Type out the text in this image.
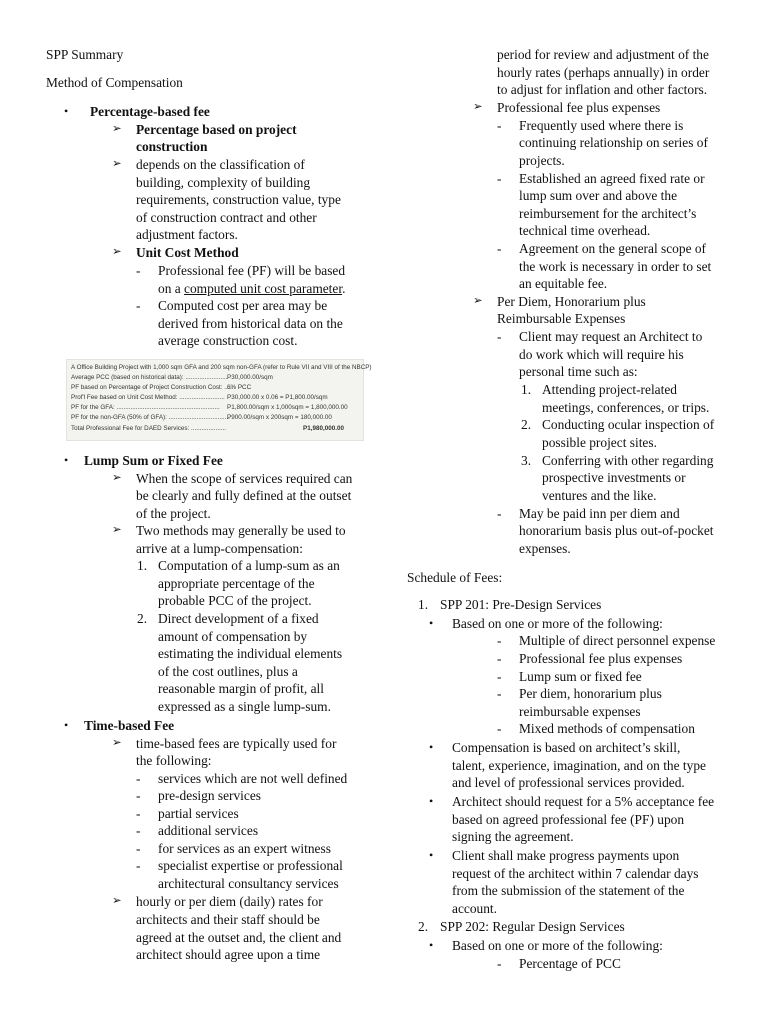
SPP Summary
Method of Compensation
• Percentage-based fee
➢ Percentage based on project
construction
➢ depends on the classification of
building, complexity of building
requirements, construction value, type
of construction contract and other
adjustment factors.
➢ Unit Cost Method
- Professional fee (PF) will be based
on a computed unit cost parameter.
- Computed cost per area may be
derived from historical data on the
average construction cost.
A Office Building Project with 1,000 sqm GFA and 200 sqm non-GFA (refer to Rule VII and VIII of the NBCP)
Average PCC (based on historical data): ........................ P30,000.00/sqm
PF based on Percentage of Project Construction Cost: .....
6% PCC
Prof'l Fee based on Unit Cost Method: .......................... P30,000.00 x 0.06 = P1,800.00/sqm
PF for the GFA: ........................................................... P1,800.00/sqm x 1,000sqm = 1,800,000.00
PF for the non-GFA (50% of GFA): ...................................
P900.00/sqm x 200sqm = 180,000.00
Total Professional Fee for DAED Services: ....................	P1,980,000.00
• Lump Sum or Fixed Fee
➢ When the scope of services required can
be clearly and fully defined at the outset
of the project.
➢ Two methods may generally be used to
arrive at a lump-compensation:
1. Computation of a lump-sum as an
appropriate percentage of the
probable PCC of the project.
2. Direct development of a fixed
amount of compensation by
estimating the individual elements
of the cost outlines, plus a
reasonable margin of profit, all
expressed as a single lump-sum.
• Time-based Fee
➢ time-based fees are typically used for
the following:
- services which are not well defined
- pre-design services
- partial services
- additional services
- for services as an expert witness
- specialist expertise or professional
architectural consultancy services
➢ hourly or per diem (daily) rates for
architects and their staff should be
agreed at the outset and, the client and
architect should agree upon a time
period for review and adjustment of the
hourly rates (perhaps annually) in order
to adjust for inflation and other factors.
➢ Professional fee plus expenses
- Frequently used where there is
continuing relationship on series of
projects.
- Established an agreed fixed rate or
lump sum over and above the
reimbursement for the architect’s
technical time overhead.
- Agreement on the general scope of
the work is necessary in order to set
an equitable fee.
➢ Per Diem, Honorarium plus
Reimbursable Expenses
- Client may request an Architect to
do work which will require his
personal time such as:
1. Attending project-related
meetings, conferences, or trips.
2. Conducting ocular inspection of
possible project sites.
3. Conferring with other regarding
prospective investments or
ventures and the like.
- May be paid inn per diem and
honorarium basis plus out-of-pocket
expenses.
Schedule of Fees:
1. SPP 201: Pre-Design Services
• Based on one or more of the following:
- Multiple of direct personnel expense
- Professional fee plus expenses
- Lump sum or fixed fee
- Per diem, honorarium plus
reimbursable expenses
- Mixed methods of compensation
• Compensation is based on architect’s skill,
talent, experience, imagination, and on the type
and level of professional services provided.
• Architect should request for a 5% acceptance fee
based on agreed professional fee (PF) upon
signing the agreement.
• Client shall make progress payments upon
request of the architect within 7 calendar days
from the submission of the statement of the
account.
2. SPP 202: Regular Design Services
• Based on one or more of the following:
- Percentage of PCC
